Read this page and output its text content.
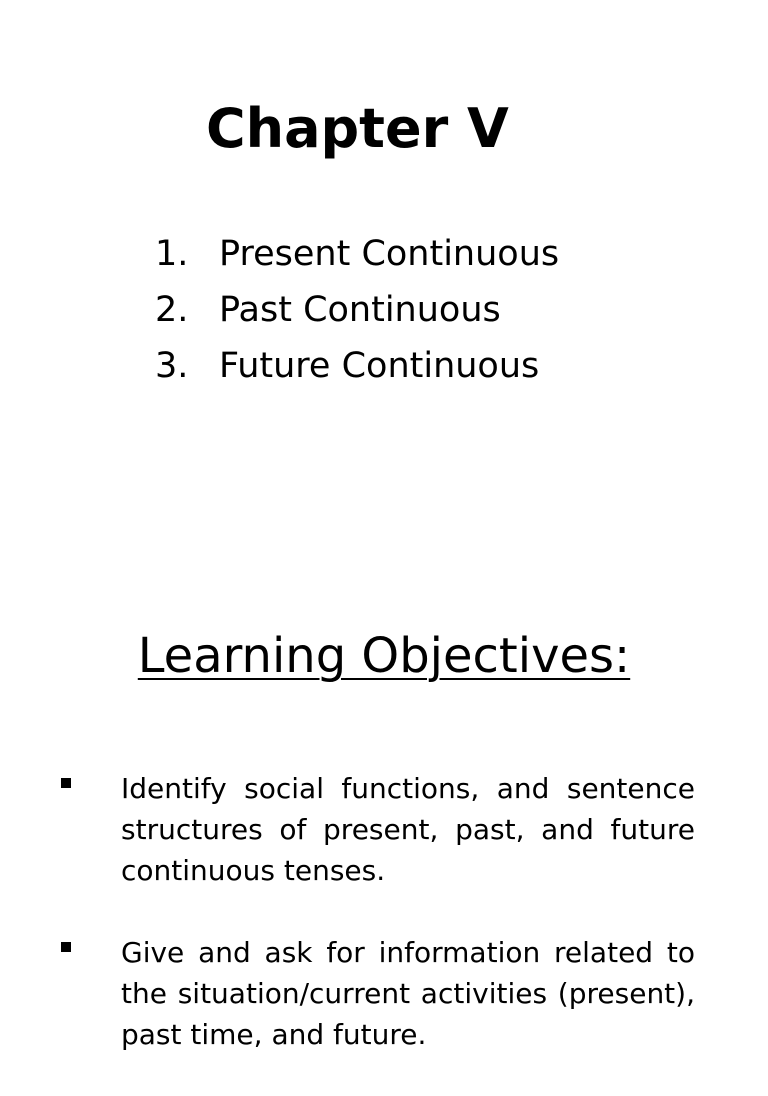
Chapter V
1. Present Continuous
2. Past Continuous
3. Future Continuous
Learning Objectives:
Identify social functions, and sentence structures of present, past, and future continuous tenses.
Give and ask for information related to the situation/current activities (present), past time, and future.
